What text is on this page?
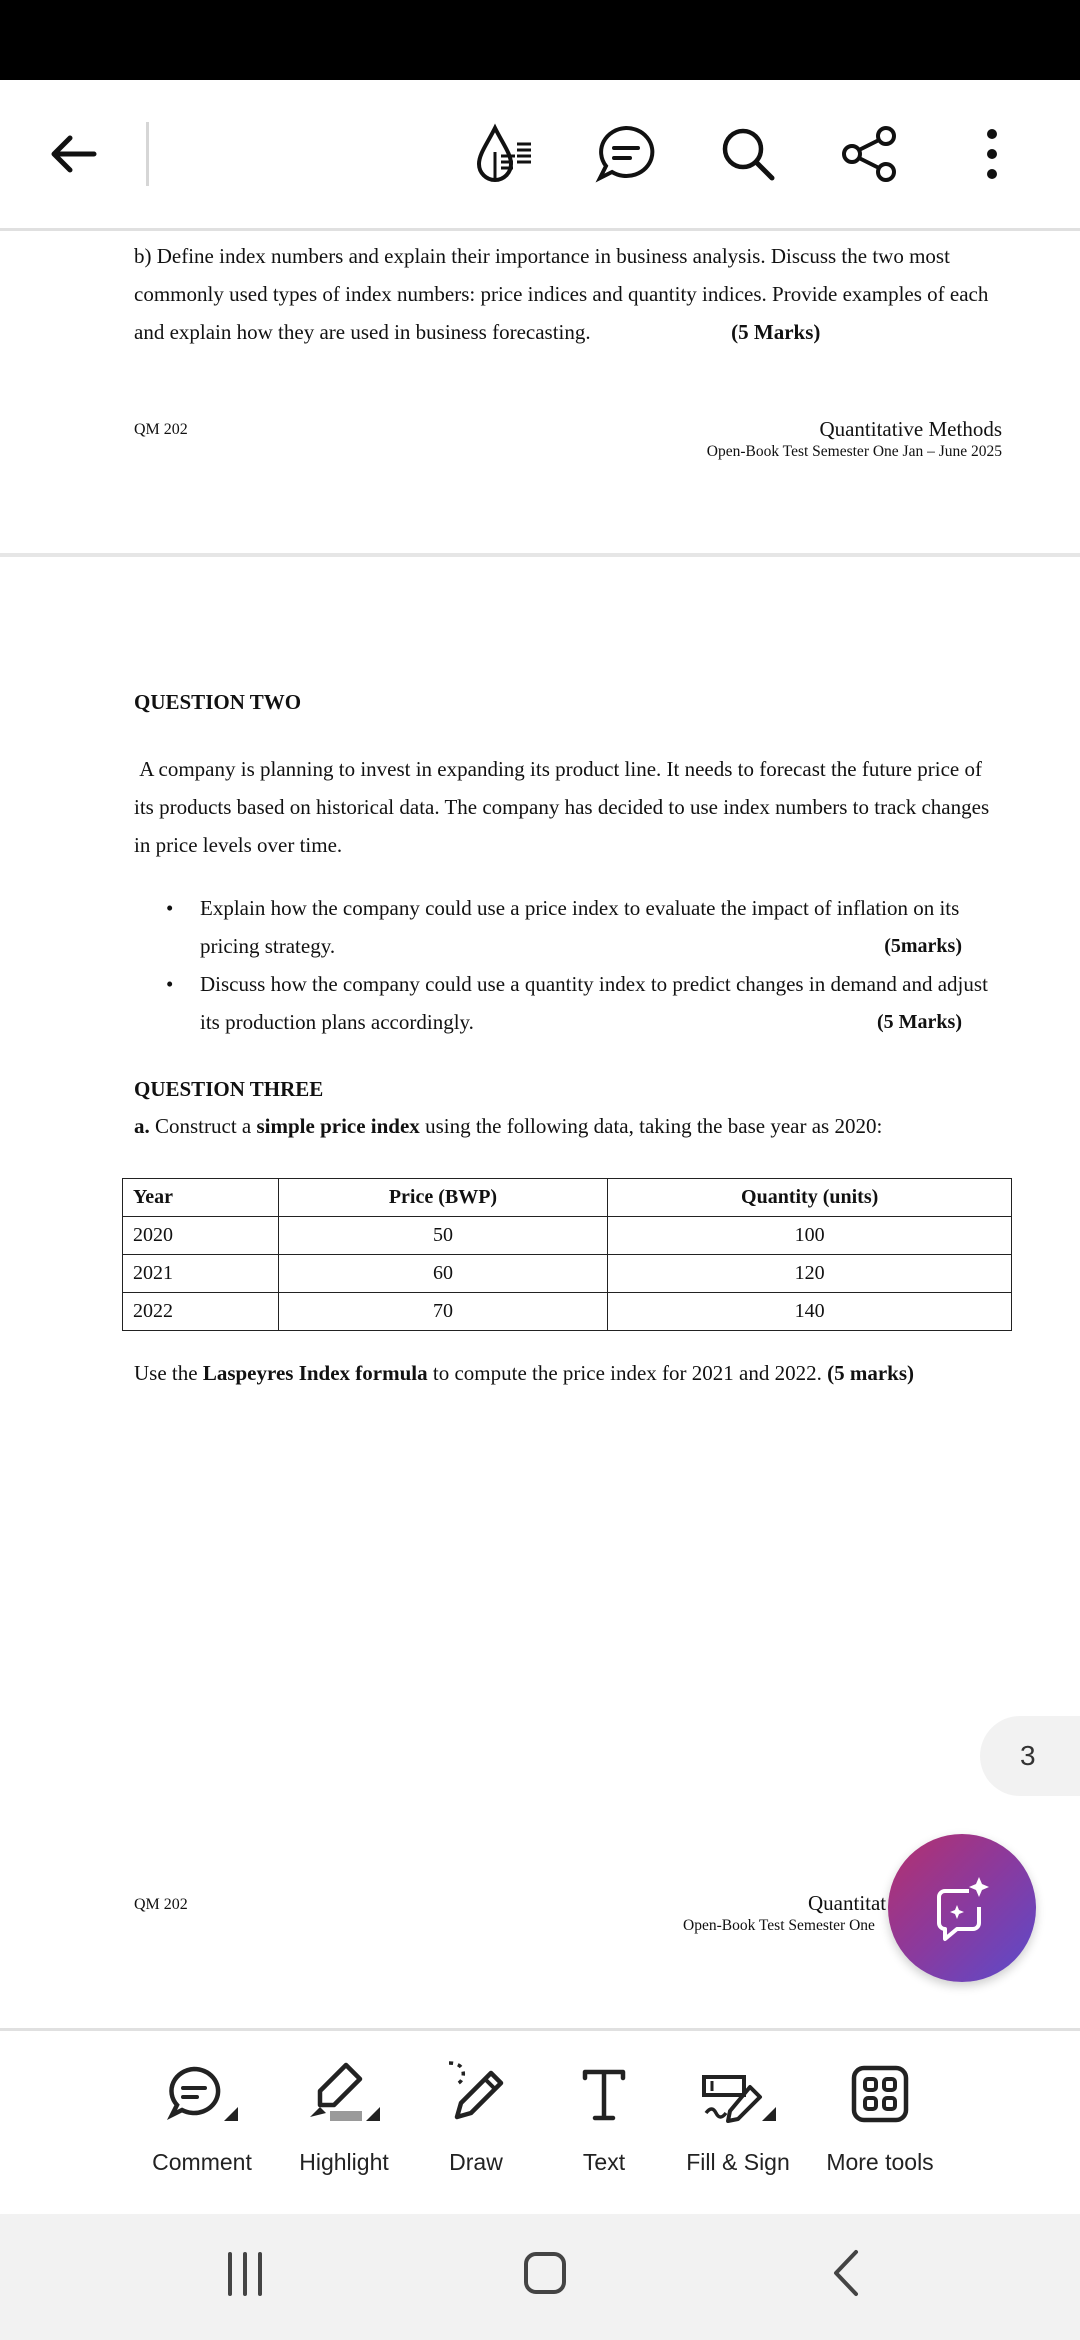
b) Define index numbers and explain their importance in business analysis. Discuss the two most commonly used types of index numbers: price indices and quantity indices. Provide examples of each and explain how they are used in business forecasting.	(5 Marks)
QM 202	Quantitative Methods
Open-Book Test Semester One Jan – June 2025
QUESTION TWO
A company is planning to invest in expanding its product line. It needs to forecast the future price of its products based on historical data. The company has decided to use index numbers to track changes in price levels over time.
• Explain how the company could use a price index to evaluate the impact of inflation on its pricing strategy.	(5marks)
• Discuss how the company could use a quantity index to predict changes in demand and adjust its production plans accordingly.	(5 Marks)
QUESTION THREE
a. Construct a simple price index using the following data, taking the base year as 2020:
Year	Price (BWP)	Quantity (units)
2020	50	100
2021	60	120
2022	70	140
Use the Laspeyres Index formula to compute the price index for 2021 and 2022. (5 marks)
QM 202	Quantitat
Open-Book Test Semester One
3
Comment Highlight	Draw	Text	Fill & Sign More tools
